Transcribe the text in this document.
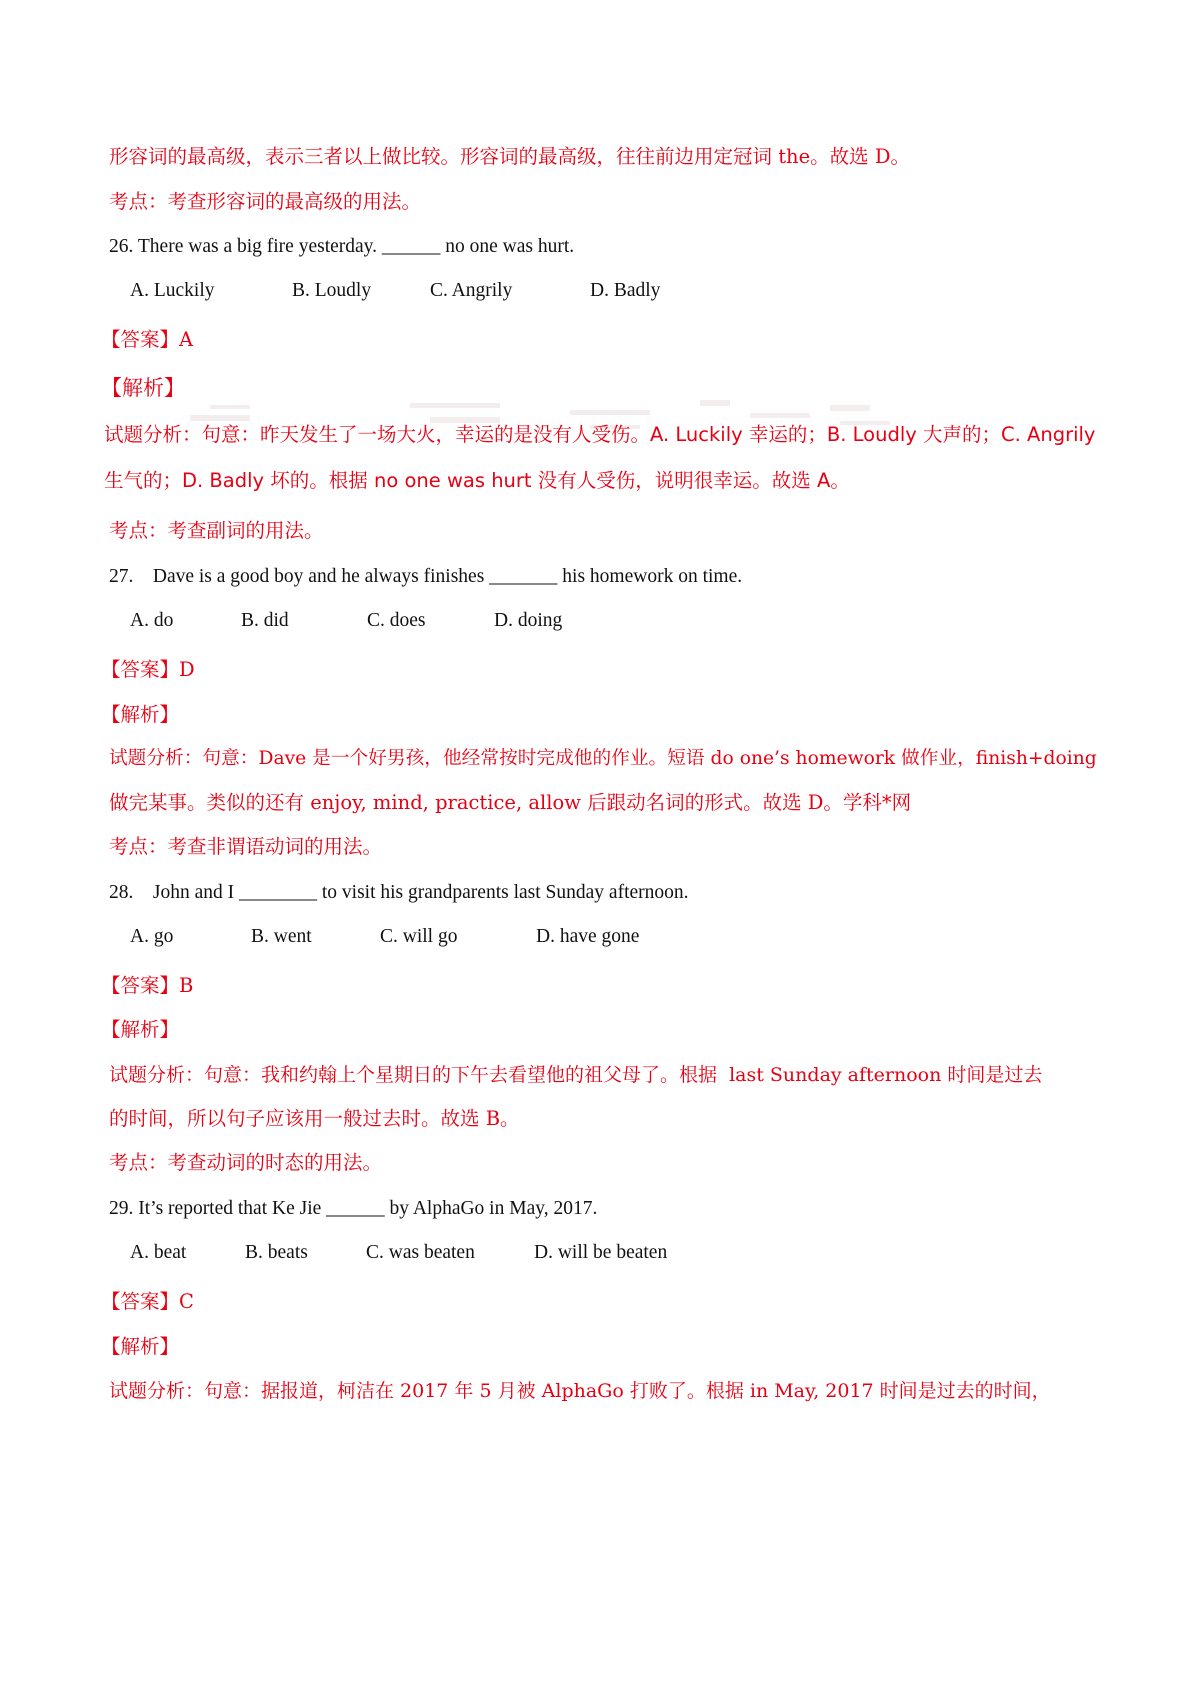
形容词的最高级，表示三者以上做比较。形容词的最高级，往往前边用定冠词 the。故选 D。
考点：考查形容词的最高级的用法。
26. There was a big fire yesterday. ______ no one was hurt.
A. Luckily	B. Loudly	C. Angrily	D. Badly
【答案】A
【解析】
试题分析：句意：昨天发生了一场大火，幸运的是没有人受伤。A. Luckily 幸运的；B. Loudly 大声的；C. Angrily
生气的；D. Badly 坏的。根据 no one was hurt 没有人受伤，说明很幸运。故选 A。
考点：考查副词的用法。
27.    Dave is a good boy and he always finishes _______ his homework on time.
A. do	B. did	C. does	D. doing
【答案】D
【解析】
试题分析：句意：Dave 是一个好男孩，他经常按时完成他的作业。短语 do one’s homework 做作业，finish+doing
做完某事。类似的还有 enjoy, mind, practice, allow 后跟动名词的形式。故选 D。学科*网
考点：考查非谓语动词的用法。
28.    John and I ________ to visit his grandparents last Sunday afternoon.
A. go	B. went	C. will go	D. have gone
【答案】B
【解析】
试题分析：句意：我和约翰上个星期日的下午去看望他的祖父母了。根据  last Sunday afternoon 时间是过去
的时间，所以句子应该用一般过去时。故选 B。
考点：考查动词的时态的用法。
29. It’s reported that Ke Jie ______ by AlphaGo in May, 2017.
A. beat	B. beats	C. was beaten	D. will be beaten
【答案】C
【解析】
试题分析：句意：据报道，柯洁在 2017 年 5 月被 AlphaGo 打败了。根据 in May, 2017 时间是过去的时间，
